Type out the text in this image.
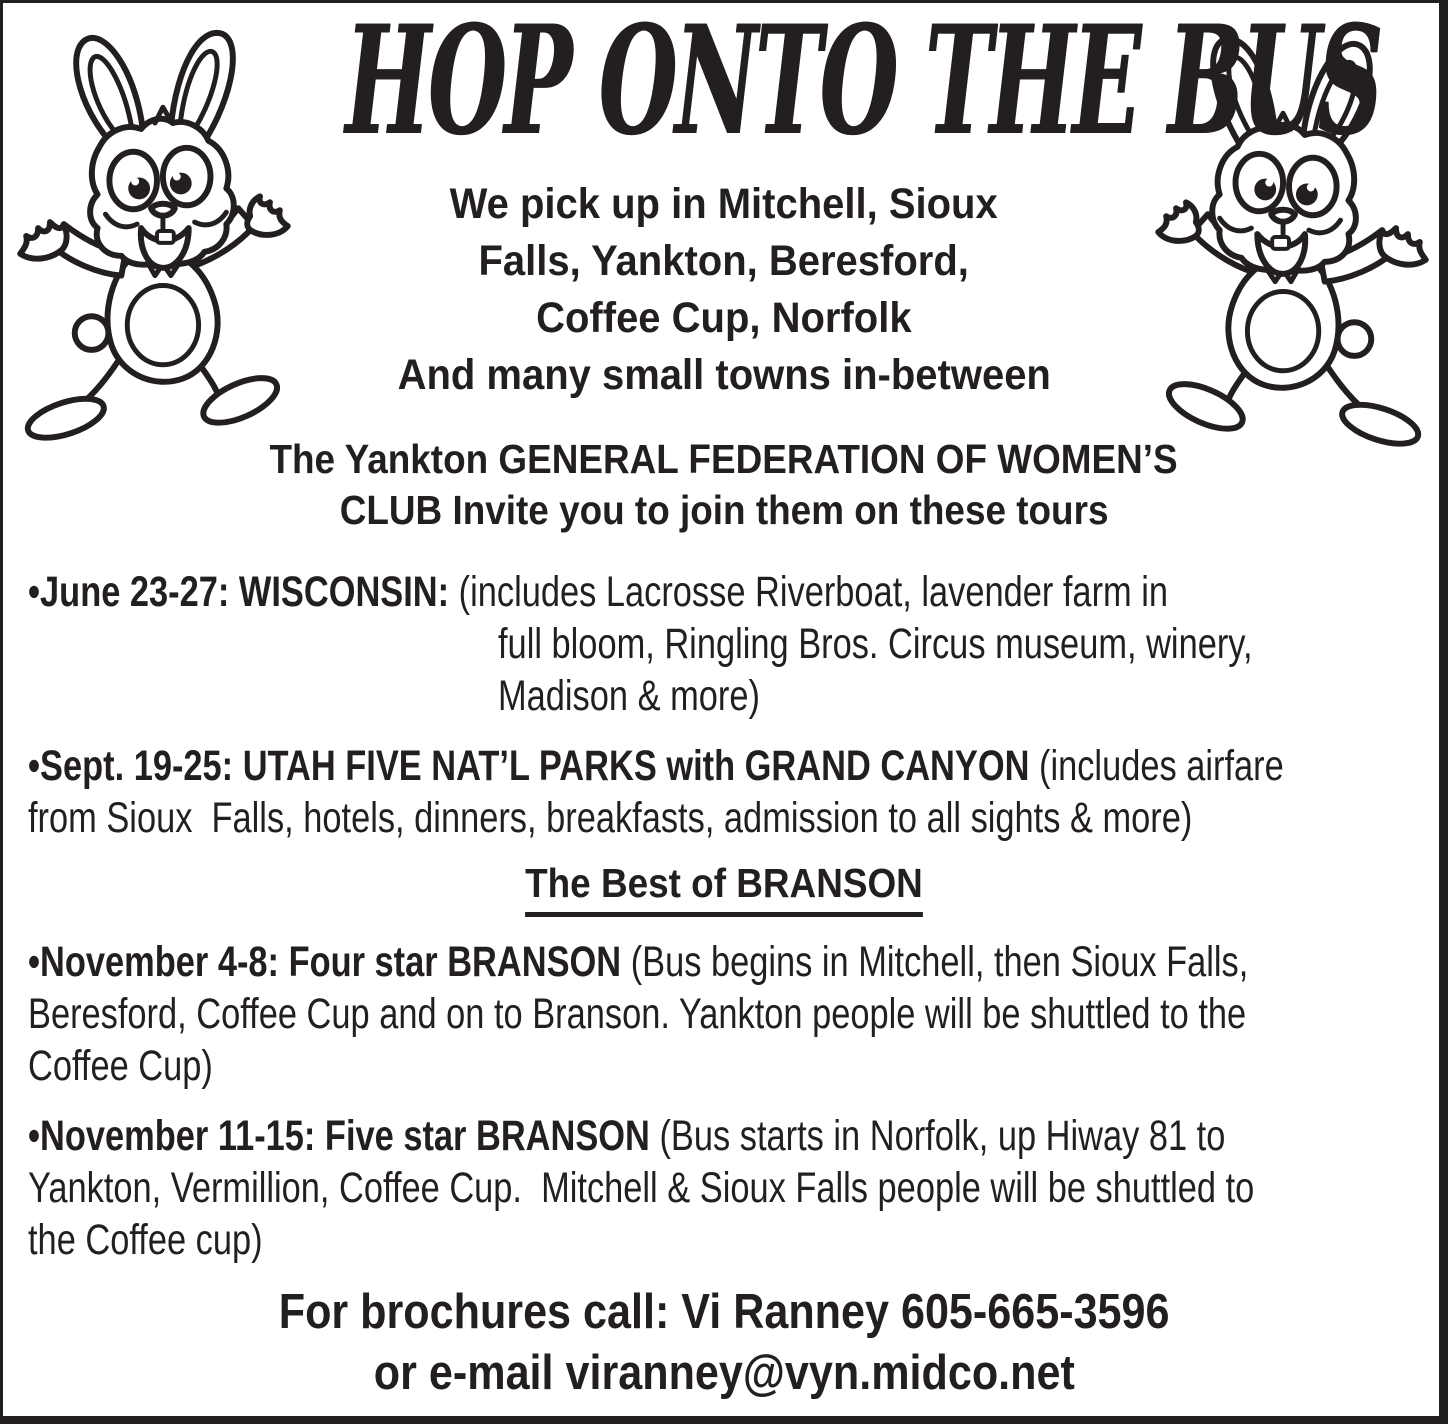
HOP ONTO THE BUS

We pick up in Mitchell, Sioux

Falls, Yankton, Beresford,

Coffee Cup, Norfolk

And many small towns in-between

The Yankton GENERAL FEDERATION OF WOMEN’S

CLUB Invite you to join them on these tours

•June 23-27: WISCONSIN: (includes Lacrosse Riverboat, lavender farm in

full bloom, Ringling Bros. Circus museum, winery,

Madison & more)

•Sept. 19-25: UTAH FIVE NAT’L PARKS with GRAND CANYON (includes airfare

from Sioux  Falls, hotels, dinners, breakfasts, admission to all sights & more)

The Best of BRANSON

•November 4-8: Four star BRANSON (Bus begins in Mitchell, then Sioux Falls,

Beresford, Coffee Cup and on to Branson. Yankton people will be shuttled to the

Coffee Cup)

•November 11-15: Five star BRANSON (Bus starts in Norfolk, up Hiway 81 to

Yankton, Vermillion, Coffee Cup.  Mitchell & Sioux Falls people will be shuttled to

the Coffee cup)

For brochures call: Vi Ranney 605-665-3596

or e-mail viranney@vyn.midco.net
